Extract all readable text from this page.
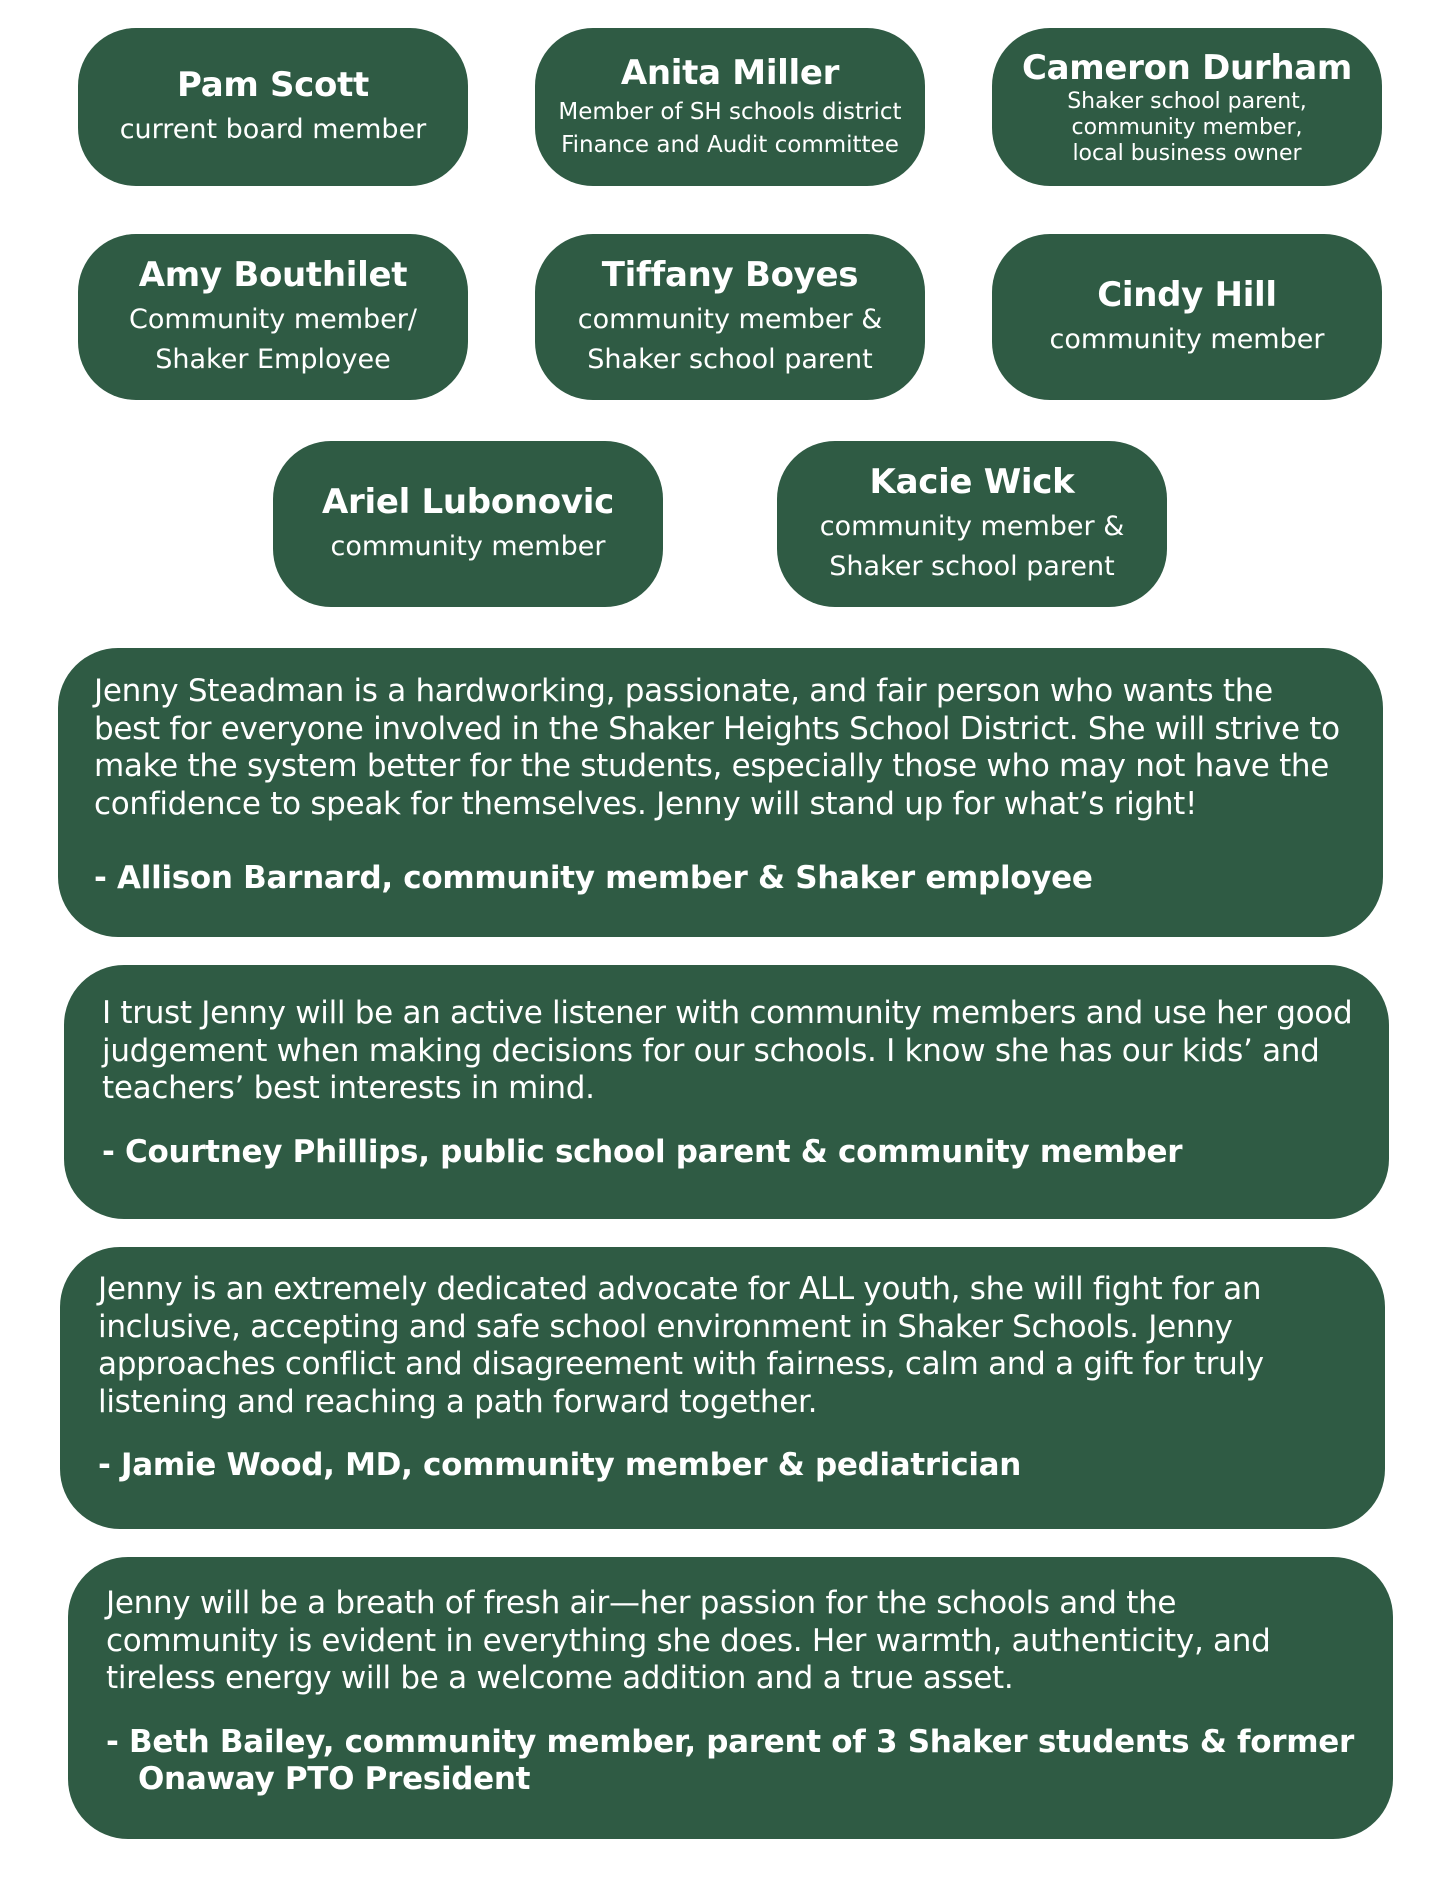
Pam Scott
current board member
Anita Miller
Member of SH schools district
Finance and Audit committee
Cameron Durham
Shaker school parent,
community member,
local business owner
Amy Bouthilet
Community member/
Shaker Employee
Tiffany Boyes
community member &
Shaker school parent
Cindy Hill
community member
Ariel Lubonovic
community member
Kacie Wick
community member &
Shaker school parent
Jenny Steadman is a hardworking, passionate, and fair person who wants the best for everyone involved in the Shaker Heights School District. She will strive to make the system better for the students, especially those who may not have the confidence to speak for themselves. Jenny will stand up for what’s right!
- Allison Barnard, community member & Shaker employee
I trust Jenny will be an active listener with community members and use her good judgement when making decisions for our schools. I know she has our kids’ and teachers’ best interests in mind.
- Courtney Phillips, public school parent & community member
Jenny is an extremely dedicated advocate for ALL youth, she will fight for an inclusive, accepting and safe school environment in Shaker Schools. Jenny approaches conflict and disagreement with fairness, calm and a gift for truly listening and reaching a path forward together.
- Jamie Wood, MD, community member & pediatrician
Jenny will be a breath of fresh air—her passion for the schools and the community is evident in everything she does. Her warmth, authenticity, and tireless energy will be a welcome addition and a true asset.
- Beth Bailey, community member, parent of 3 Shaker students & former Onaway PTO President
